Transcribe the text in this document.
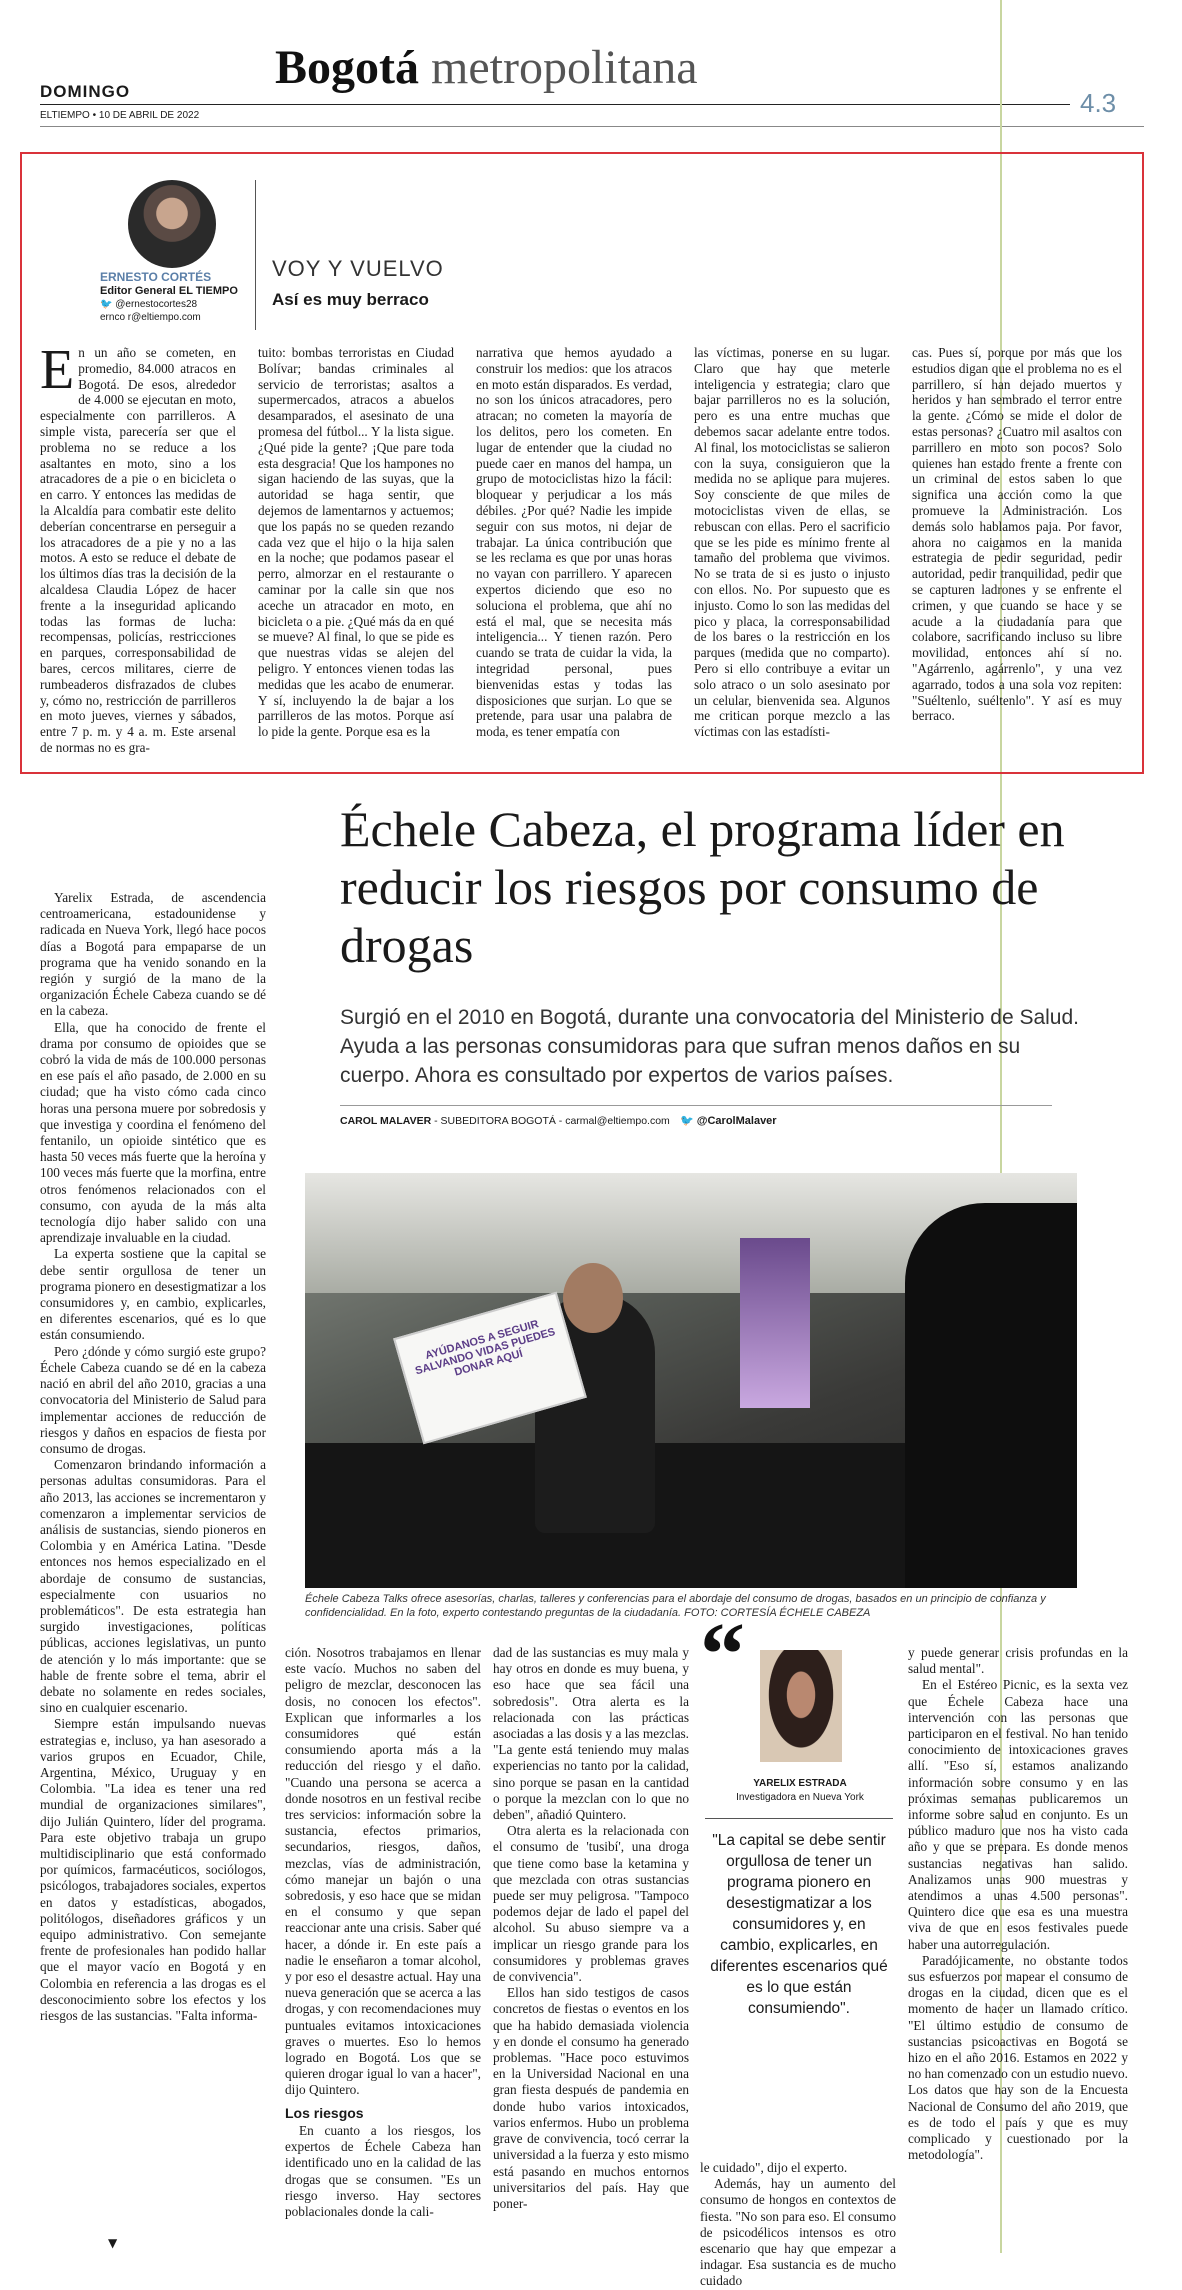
DOMINGO
ELTIEMPO • 10 DE ABRIL DE 2022
Bogotá metropolitana
4.3
ERNESTO CORTÉS
Editor General EL TIEMPO
🐦 @ernestocortes28
ernco r@eltiempo.com
VOY Y VUELVO
Así es muy berraco
En un año se cometen, en promedio, 84.000 atracos en Bogotá. De esos, alrededor de 4.000 se ejecutan en moto, especialmente con parrilleros. A simple vista, parecería ser que el problema no se reduce a los asaltantes en moto, sino a los atracadores de a pie o en bicicleta o en carro. Y entonces las medidas de la Alcaldía para combatir este delito deberían concentrarse en perseguir a los atracadores de a pie y no a las motos. A esto se reduce el debate de los últimos días tras la decisión de la alcaldesa Claudia López de hacer frente a la inseguridad aplicando todas las formas de lucha: recompensas, policías, restricciones en parques, corresponsabilidad de bares, cercos militares, cierre de rumbeaderos disfrazados de clubes y, cómo no, restricción de parrilleros en moto jueves, viernes y sábados, entre 7 p. m. y 4 a. m. Este arsenal de normas no es gra-
tuito: bombas terroristas en Ciudad Bolívar; bandas criminales al servicio de terroristas; asaltos a supermercados, atracos a abuelos desamparados, el asesinato de una promesa del fútbol... Y la lista sigue. ¿Qué pide la gente? ¡Que pare toda esta desgracia! Que los hampones no sigan haciendo de las suyas, que la autoridad se haga sentir, que dejemos de lamentarnos y actuemos; que los papás no se queden rezando cada vez que el hijo o la hija salen en la noche; que podamos pasear el perro, almorzar en el restaurante o caminar por la calle sin que nos aceche un atracador en moto, en bicicleta o a pie. ¿Qué más da en qué se mueve? Al final, lo que se pide es que nuestras vidas se alejen del peligro. Y entonces vienen todas las medidas que les acabo de enumerar. Y sí, incluyendo la de bajar a los parrilleros de las motos. Porque así lo pide la gente. Porque esa es la
narrativa que hemos ayudado a construir los medios: que los atracos en moto están disparados. Es verdad, no son los únicos atracadores, pero atracan; no cometen la mayoría de los delitos, pero los cometen. En lugar de entender que la ciudad no puede caer en manos del hampa, un grupo de motociclistas hizo la fácil: bloquear y perjudicar a los más débiles. ¿Por qué? Nadie les impide seguir con sus motos, ni dejar de trabajar. La única contribución que se les reclama es que por unas horas no vayan con parrillero. Y aparecen expertos diciendo que eso no soluciona el problema, que ahí no está el mal, que se necesita más inteligencia... Y tienen razón. Pero cuando se trata de cuidar la vida, la integridad personal, pues bienvenidas estas y todas las disposiciones que surjan. Lo que se pretende, para usar una palabra de moda, es tener empatía con
las víctimas, ponerse en su lugar. Claro que hay que meterle inteligencia y estrategia; claro que bajar parrilleros no es la solución, pero es una entre muchas que debemos sacar adelante entre todos. Al final, los motociclistas se salieron con la suya, consiguieron que la medida no se aplique para mujeres. Soy consciente de que miles de motociclistas viven de ellas, se rebuscan con ellas. Pero el sacrificio que se les pide es mínimo frente al tamaño del problema que vivimos. No se trata de si es justo o injusto con ellos. No. Por supuesto que es injusto. Como lo son las medidas del pico y placa, la corresponsabilidad de los bares o la restricción en los parques (medida que no comparto). Pero si ello contribuye a evitar un solo atraco o un solo asesinato por un celular, bienvenida sea. Algunos me critican porque mezclo a las víctimas con las estadísti-
cas. Pues sí, porque por más que los estudios digan que el problema no es el parrillero, sí han dejado muertos y heridos y han sembrado el terror entre la gente. ¿Cómo se mide el dolor de estas personas? ¿Cuatro mil asaltos con parrillero en moto son pocos? Solo quienes han estado frente a frente con un criminal de estos saben lo que significa una acción como la que promueve la Administración. Los demás solo hablamos paja. Por favor, ahora no caigamos en la manida estrategia de pedir seguridad, pedir autoridad, pedir tranquilidad, pedir que se capturen ladrones y se enfrente el crimen, y que cuando se hace y se acude a la ciudadanía para que colabore, sacrificando incluso su libre movilidad, entonces ahí sí no. "Agárrenlo, agárrenlo", y una vez agarrado, todos a una sola voz repiten: "Suéltenlo, suéltenlo". Y así es muy berraco.
Échele Cabeza, el programa líder en reducir los riesgos por consumo de drogas
Surgió en el 2010 en Bogotá, durante una convocatoria del Ministerio de Salud. Ayuda a las personas consumidoras para que sufran menos daños en su cuerpo. Ahora es consultado por expertos de varios países.
CAROL MALAVER - SUBEDITORA BOGOTÁ - carmal@eltiempo.com 🐦 @CarolMalaver
AYÚDANOS A SEGUIR SALVANDO VIDAS PUEDES DONAR AQUÍ
Échele Cabeza Talks ofrece asesorías, charlas, talleres y conferencias para el abordaje del consumo de drogas, basados en un principio de confianza y confidencialidad. En la foto, experto contestando preguntas de la ciudadanía. FOTO: CORTESÍA ÉCHELE CABEZA

Yarelix Estrada, de ascendencia centroamericana, estadounidense y radicada en Nueva York, llegó hace pocos días a Bogotá para empaparse de un programa que ha venido sonando en la región y surgió de la mano de la organización Échele Cabeza cuando se dé en la cabeza.

Ella, que ha conocido de frente el drama por consumo de opioides que se cobró la vida de más de 100.000 personas en ese país el año pasado, de 2.000 en su ciudad; que ha visto cómo cada cinco horas una persona muere por sobredosis y que investiga y coordina el fenómeno del fentanilo, un opioide sintético que es hasta 50 veces más fuerte que la heroína y 100 veces más fuerte que la morfina, entre otros fenómenos relacionados con el consumo, con ayuda de la más alta tecnología dijo haber salido con una aprendizaje invaluable en la ciudad.

La experta sostiene que la capital se debe sentir orgullosa de tener un programa pionero en desestigmatizar a los consumidores y, en cambio, explicarles, en diferentes escenarios, qué es lo que están consumiendo.

Pero ¿dónde y cómo surgió este grupo? Échele Cabeza cuando se dé en la cabeza nació en abril del año 2010, gracias a una convocatoria del Ministerio de Salud para implementar acciones de reducción de riesgos y daños en espacios de fiesta por consumo de drogas.

Comenzaron brindando información a personas adultas consumidoras. Para el año 2013, las acciones se incrementaron y comenzaron a implementar servicios de análisis de sustancias, siendo pioneros en Colombia y en América Latina. "Desde entonces nos hemos especializado en el abordaje de consumo de sustancias, especialmente con usuarios no problemáticos". De esta estrategia han surgido investigaciones, políticas públicas, acciones legislativas, un punto de atención y lo más importante: que se hable de frente sobre el tema, abrir el debate no solamente en redes sociales, sino en cualquier escenario.

Siempre están impulsando nuevas estrategias e, incluso, ya han asesorado a varios grupos en Ecuador, Chile, Argentina, México, Uruguay y en Colombia. "La idea es tener una red mundial de organizaciones similares", dijo Julián Quintero, líder del programa. Para este objetivo trabaja un grupo multidisciplinario que está conformado por químicos, farmacéuticos, sociólogos, psicólogos, trabajadores sociales, expertos en datos y estadísticas, abogados, politólogos, diseñadores gráficos y un equipo administrativo. Con semejante frente de profesionales han podido hallar que el mayor vacío en Bogotá y en Colombia en referencia a las drogas es el desconocimiento sobre los efectos y los riesgos de las sustancias. "Falta informa-

ción. Nosotros trabajamos en llenar este vacío. Muchos no saben del peligro de mezclar, desconocen las dosis, no conocen los efectos". Explican que informarles a los consumidores qué están consumiendo aporta más a la reducción del riesgo y el daño. "Cuando una persona se acerca a donde nosotros en un festival recibe tres servicios: información sobre la sustancia, efectos primarios, secundarios, riesgos, daños, mezclas, vías de administración, cómo manejar un bajón o una sobredosis, y eso hace que se midan en el consumo y que sepan reaccionar ante una crisis. Saber qué hacer, a dónde ir. En este país a nadie le enseñaron a tomar alcohol, y por eso el desastre actual. Hay una nueva generación que se acerca a las drogas, y con recomendaciones muy puntuales evitamos intoxicaciones graves o muertes. Eso lo hemos logrado en Bogotá. Los que se quieren drogar igual lo van a hacer", dijo Quintero.

Los riesgos

En cuanto a los riesgos, los expertos de Échele Cabeza han identificado uno en la calidad de las drogas que se consumen. "Es un riesgo inverso. Hay sectores poblacionales donde la cali-

dad de las sustancias es muy mala y hay otros en donde es muy buena, y eso hace que sea fácil una sobredosis". Otra alerta es la relacionada con las prácticas asociadas a las dosis y a las mezclas. "La gente está teniendo muy malas experiencias no tanto por la calidad, sino porque se pasan en la cantidad o porque la mezclan con lo que no deben", añadió Quintero.

Otra alerta es la relacionada con el consumo de 'tusibí', una droga que tiene como base la ketamina y que mezclada con otras sustancias puede ser muy peligrosa. "Tampoco podemos dejar de lado el papel del alcohol. Su abuso siempre va a implicar un riesgo grande para los consumidores y problemas graves de convivencia".

Ellos han sido testigos de casos concretos de fiestas o eventos en los que ha habido demasiada violencia y en donde el consumo ha generado problemas. "Hace poco estuvimos en la Universidad Nacional en una gran fiesta después de pandemia en donde hubo varios intoxicados, varios enfermos. Hubo un problema grave de convivencia, tocó cerrar la universidad a la fuerza y esto mismo está pasando en muchos entornos universitarios del país. Hay que poner-

“
YARELIX ESTRADA
Investigadora en Nueva York
"La capital se debe sentir orgullosa de tener un programa pionero en desestigmatizar a los consumidores y, en cambio, explicarles, en diferentes escenarios qué es lo que están consumiendo".

le cuidado", dijo el experto.

Además, hay un aumento del consumo de hongos en contextos de fiesta. "No son para eso. El consumo de psicodélicos intensos es otro escenario que hay que empezar a indagar. Esa sustancia es de mucho cuidado

y puede generar crisis profundas en la salud mental".

En el Estéreo Picnic, es la sexta vez que Échele Cabeza hace una intervención con las personas que participaron en el festival. No han tenido conocimiento de intoxicaciones graves allí. "Eso sí, estamos analizando información sobre consumo y en las próximas semanas publicaremos un informe sobre salud en conjunto. Es un público maduro que nos ha visto cada año y que se prepara. Es donde menos sustancias negativas han salido. Analizamos unas 900 muestras y atendimos a unas 4.500 personas". Quintero dice que esa es una muestra viva de que en esos festivales puede haber una autorregulación.

Paradójicamente, no obstante todos sus esfuerzos por mapear el consumo de drogas en la ciudad, dicen que es el momento de hacer un llamado crítico. "El último estudio de consumo de sustancias psicoactivas en Bogotá se hizo en el año 2016. Estamos en 2022 y no han comenzado con un estudio nuevo. Los datos que hay son de la Encuesta Nacional de Consumo del año 2019, que es de todo el país y que es muy complicado y cuestionado por la metodología".

▼
